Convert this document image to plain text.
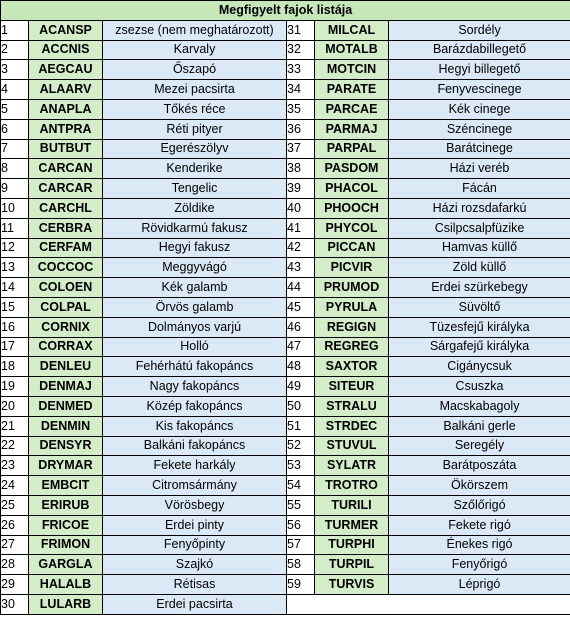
Megfigyelt fajok listája					
1	ACANSP	zsezse (nem meghatározott)	31	MILCAL	Sordély
2	ACCNIS	Karvaly	32	MOTALB	Barázdabillegető
3	AEGCAU	Őszapó	33	MOTCIN	Hegyi billegető
4	ALAARV	Mezei pacsirta	34	PARATE	Fenyvescinege
5	ANAPLA	Tőkés réce	35	PARCAE	Kék cinege
6	ANTPRA	Réti pityer	36	PARMAJ	Széncinege
7	BUTBUT	Egerészölyv	37	PARPAL	Barátcinege
8	CARCAN	Kenderike	38	PASDOM	Házi veréb
9	CARCAR	Tengelic	39	PHACOL	Fácán
10	CARCHL	Zöldike	40	PHOOCH	Házi rozsdafarkú
11	CERBRA	Rövidkarmú fakusz	41	PHYCOL	Csilpcsalpfüzike
12	CERFAM	Hegyi fakusz	42	PICCAN	Hamvas küllő
13	COCCOC	Meggyvágó	43	PICVIR	Zöld küllő
14	COLOEN	Kék galamb	44	PRUMOD	Erdei szürkebegy
15	COLPAL	Örvös galamb	45	PYRULA	Süvöltő
16	CORNIX	Dolmányos varjú	46	REGIGN	Tüzesfejű királyka
17	CORRAX	Holló	47	REGREG	Sárgafejű királyka
18	DENLEU	Fehérhátú fakopáncs	48	SAXTOR	Cigánycsuk
19	DENMAJ	Nagy fakopáncs	49	SITEUR	Csuszka
20	DENMED	Közép fakopáncs	50	STRALU	Macskabagoly
21	DENMIN	Kis fakopáncs	51	STRDEC	Balkáni gerle
22	DENSYR	Balkáni fakopáncs	52	STUVUL	Seregély
23	DRYMAR	Fekete harkály	53	SYLATR	Barátposzáta
24	EMBCIT	Citromsármány	54	TROTRO	Ökörszem
25	ERIRUB	Vörösbegy	55	TURILI	Szőlőrigó
26	FRICOE	Erdei pinty	56	TURMER	Fekete rigó
27	FRIMON	Fenyőpinty	57	TURPHI	Énekes rigó
28	GARGLA	Szajkó	58	TURPIL	Fenyőrigó
29	HALALB	Rétisas	59	TURVIS	Léprigó
30	LULARB	Erdei pacsirta			
